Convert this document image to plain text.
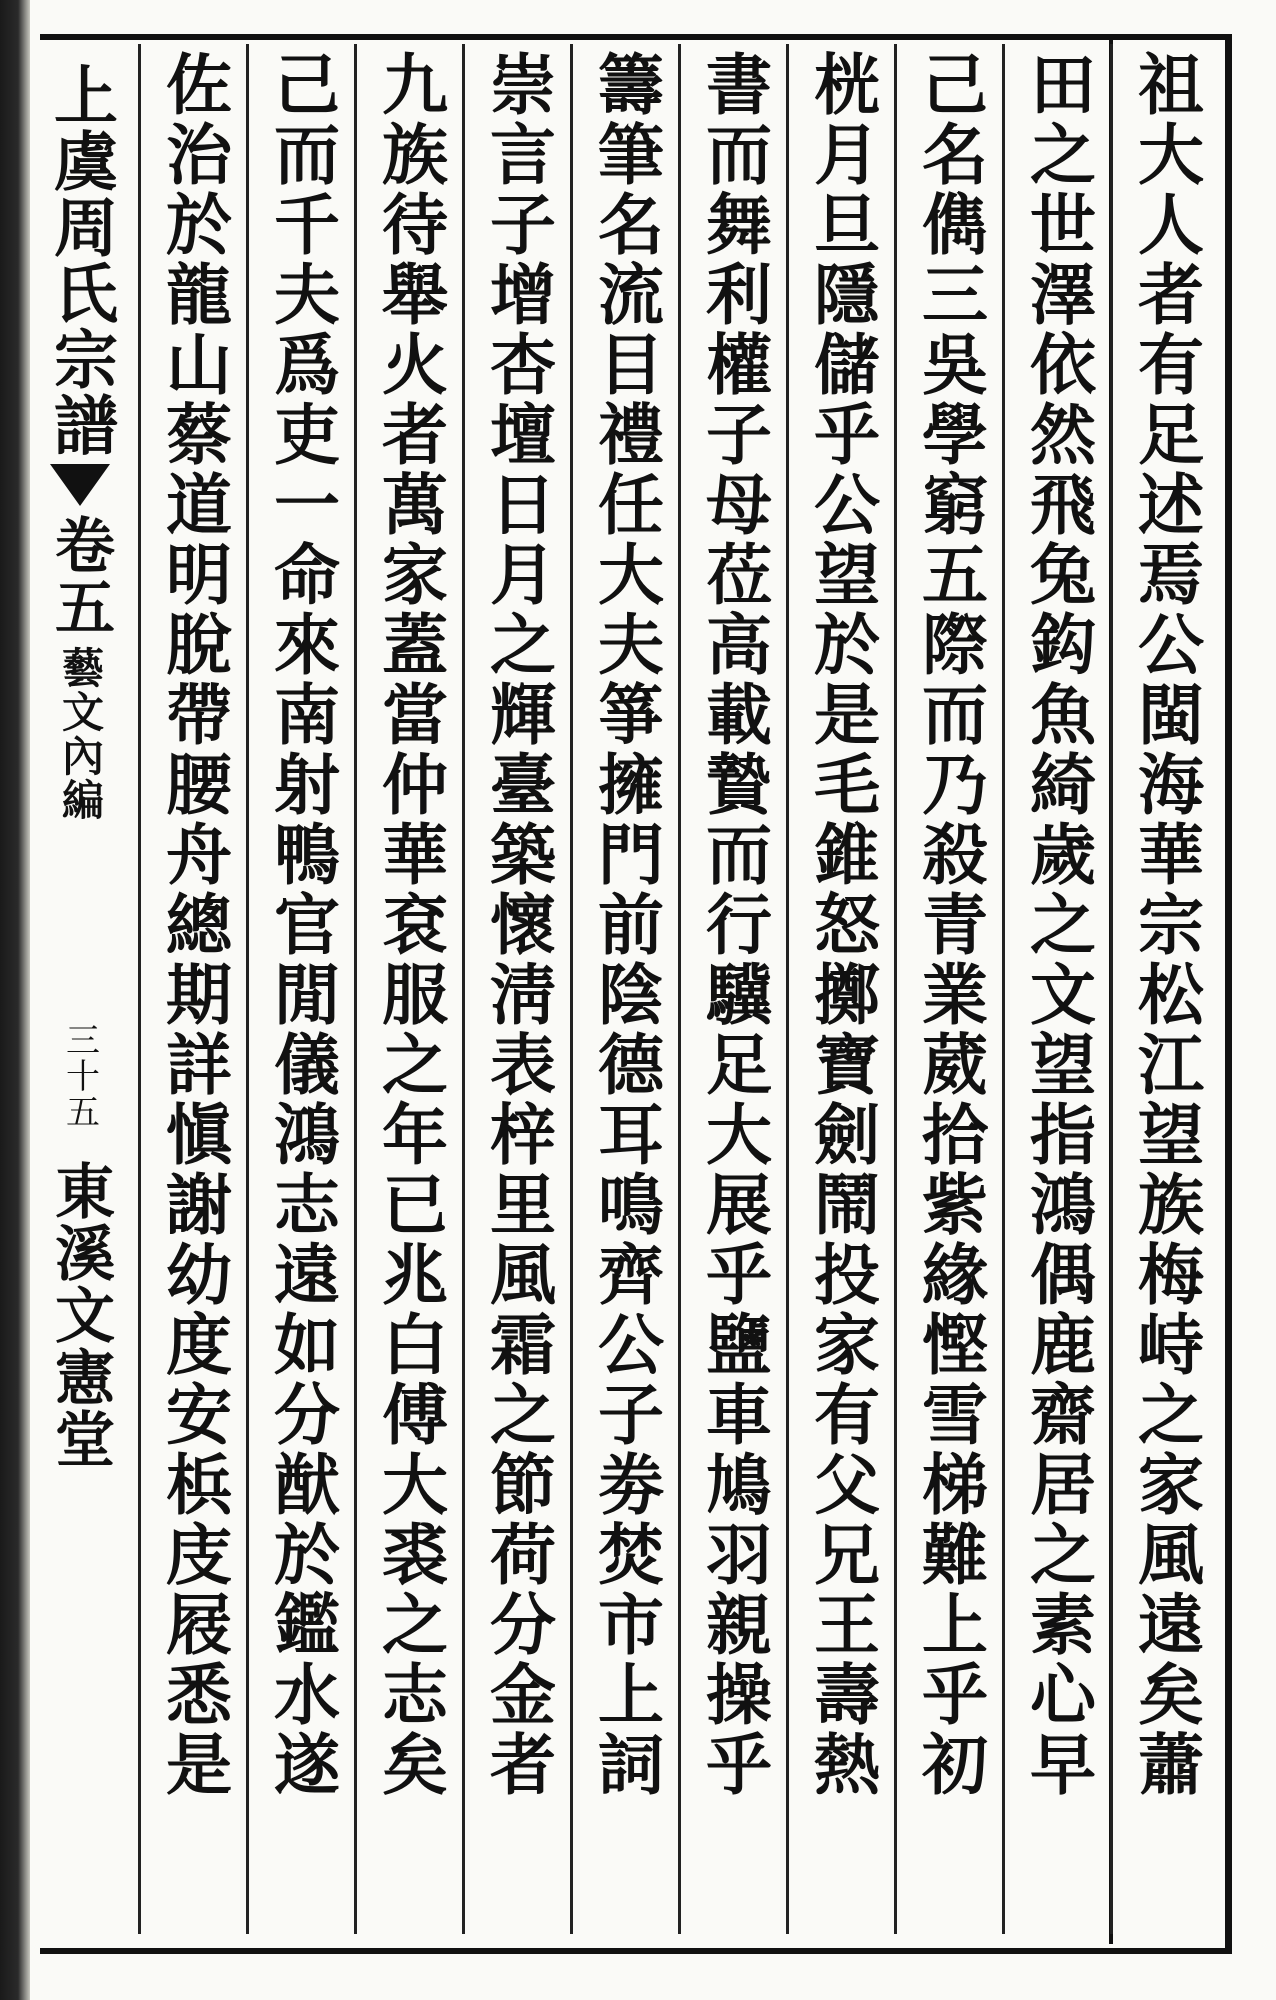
上虞周氏宗譜
卷五
藝文內編
三十五
東溪文憲堂	祖大人者有足述焉公閩海華宗松江望族梅峙之家風遠矣蕭
田之世澤依然飛兔鈎魚綺歲之文望指鴻偶鹿齋居之素心早
己名儁三吳學窮五際而乃殺青業葳拾紫緣慳雪梯難上乎初
桄月旦隱儲乎公望於是毛錐怒擲寶劍鬧投家有父兄王壽熱
書而舞利權子母莅高載贄而行驥足大展乎鹽車鳩羽親操乎
籌筆名流目禮任大夫箏擁門前陰德耳鳴齊公子劵焚市上詞
崇言子增杏壇日月之輝臺築懷淸表梓里風霜之節荷分金者
九族待舉火者萬家蓋當仲華袞服之年已兆白傅大裘之志矣
己而千夫爲吏一命來南射鴨官閒儀鴻志遠如分猷於鑑水遂
佐治於龍山蔡道明脫帶腰舟總期詳愼謝幼度安梹庋屐悉是
